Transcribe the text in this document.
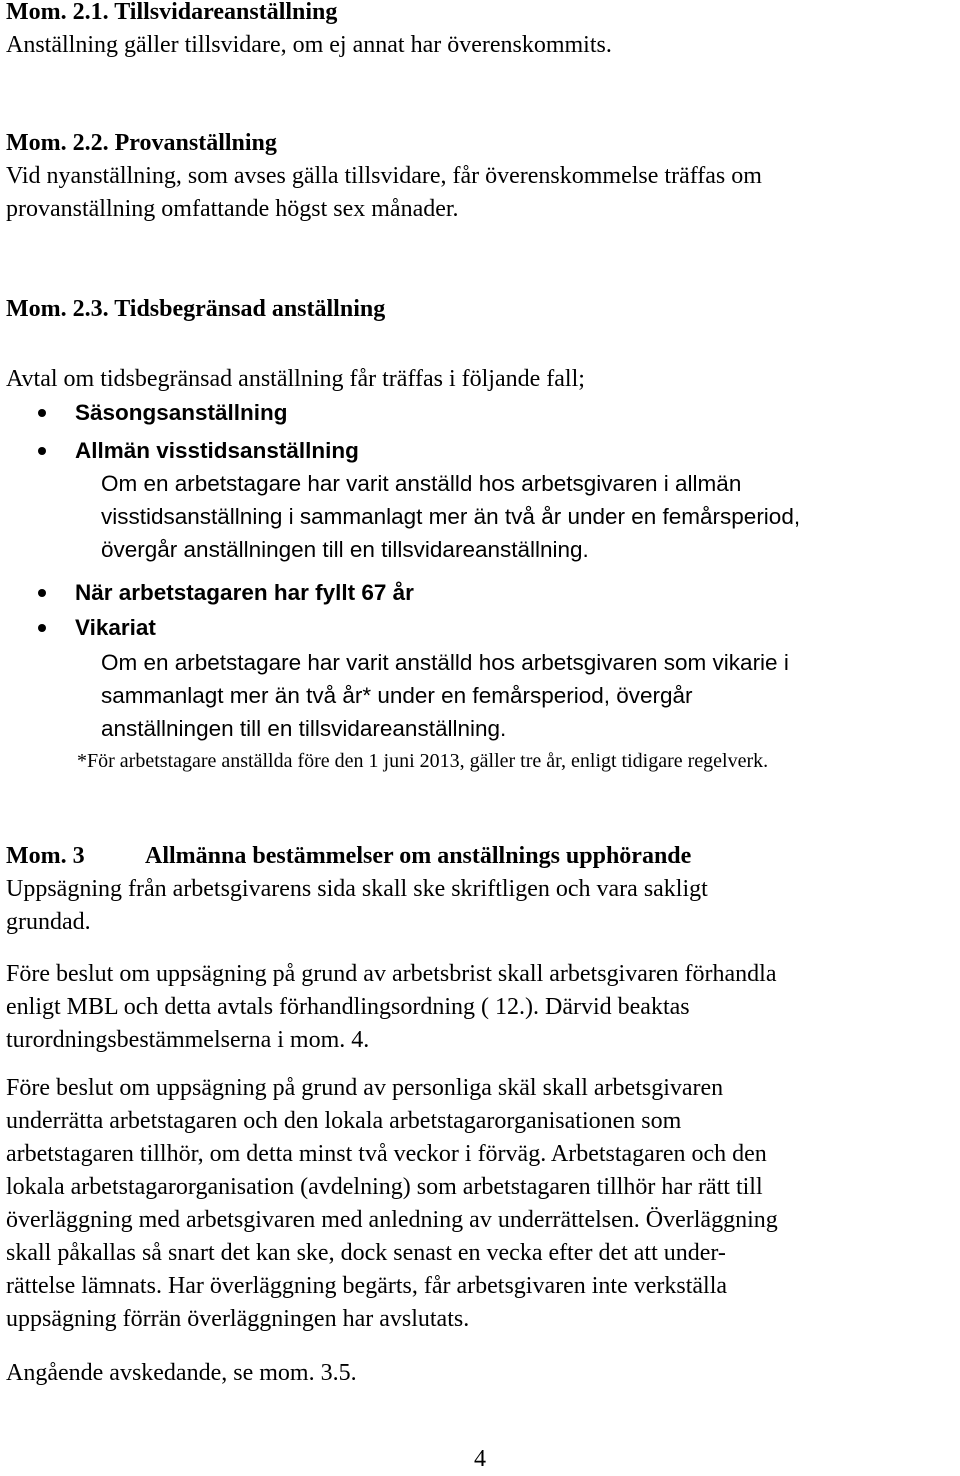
Mom. 2.1. Tillsvidareanställning
Anställning gäller tillsvidare, om ej annat har överenskommits.
Mom. 2.2. Provanställning
Vid nyanställning, som avses gälla tillsvidare, får överenskommelse träffas om
provanställning omfattande högst sex månader.
Mom. 2.3. Tidsbegränsad anställning
Avtal om tidsbegränsad anställning får träffas i följande fall;
Säsongsanställning
Allmän visstidsanställning
Om en arbetstagare har varit anställd hos arbetsgivaren i allmän
visstidsanställning i sammanlagt mer än två år under en femårsperiod,
övergår anställningen till en tillsvidareanställning.
När arbetstagaren har fyllt 67 år
Vikariat
Om en arbetstagare har varit anställd hos arbetsgivaren som vikarie i
sammanlagt mer än två år* under en femårsperiod, övergår
anställningen till en tillsvidareanställning.
*För arbetstagare anställda före den 1 juni 2013, gäller tre år, enligt tidigare regelverk.
Mom. 3	Allmänna bestämmelser om anställnings upphörande
Uppsägning från arbetsgivarens sida skall ske skriftligen och vara sakligt
grundad.
Före beslut om uppsägning på grund av arbetsbrist skall arbetsgivaren förhandla
enligt MBL och detta avtals förhandlingsordning ( 12.). Därvid beaktas
turordningsbestämmelserna i mom. 4.
Före beslut om uppsägning på grund av personliga skäl skall arbetsgivaren
underrätta arbetstagaren och den lokala arbetstagarorganisationen som
arbetstagaren tillhör, om detta minst två veckor i förväg. Arbetstagaren och den
lokala arbetstagarorganisation (avdelning) som arbetstagaren tillhör har rätt till
överläggning med arbetsgivaren med anledning av underrättelsen. Överläggning
skall påkallas så snart det kan ske, dock senast en vecka efter det att under-
rättelse lämnats. Har överläggning begärts, får arbetsgivaren inte verkställa
uppsägning förrän överläggningen har avslutats.
Angående avskedande, se mom. 3.5.
4
